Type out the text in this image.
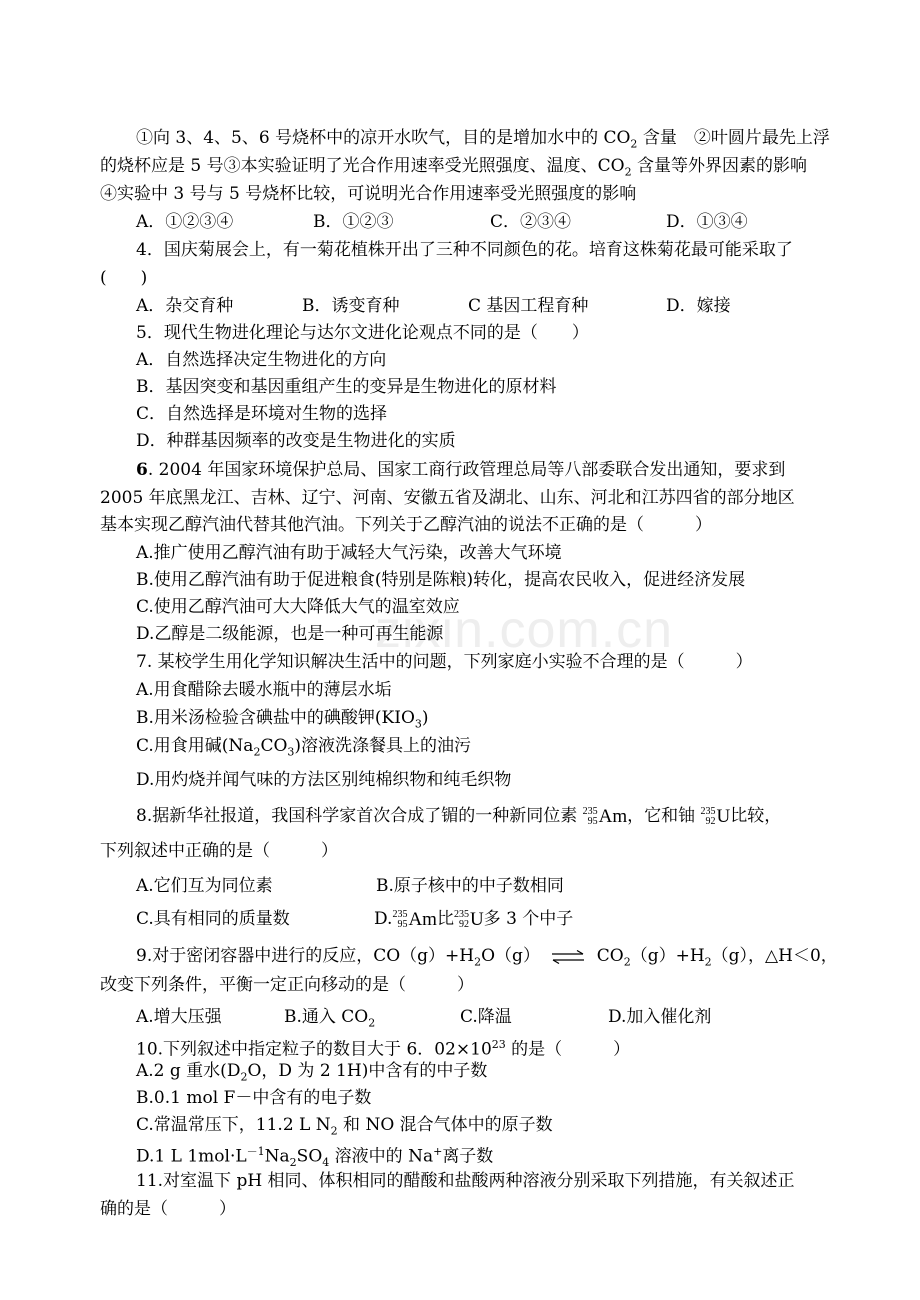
zixin.com.cn
①向 3、4、5、6 号烧杯中的凉开水吹气，目的是增加水中的 $CO_2$ 含量　②叶圆片最先上浮
的烧杯应是 5 号③本实验证明了光合作用速率受光照强度、温度、$CO_2$ 含量等外界因素的影响
④实验中 3 号与 5 号烧杯比较，可说明光合作用速率受光照强度的影响
A．①②③④	B．①②③	C．②③④	D．①③④
4．国庆菊展会上，有一菊花植株开出了三种不同颜色的花。培育这株菊花最可能采取了
(　　)
A．杂交育种	B．诱变育种	C 基因工程育种	D．嫁接
5．现代生物进化理论与达尔文进化论观点不同的是（　　）
A．自然选择决定生物进化的方向
B．基因突变和基因重组产生的变异是生物进化的原材料
C．自然选择是环境对生物的选择
D．种群基因频率的改变是生物进化的实质
6. 2004 年国家环境保护总局、国家工商行政管理总局等八部委联合发出通知，要求到
2005 年底黑龙江、吉林、辽宁、河南、安徽五省及湖北、山东、河北和江苏四省的部分地区
基本实现乙醇汽油代替其他汽油。下列关于乙醇汽油的说法不正确的是（　　　）
A.推广使用乙醇汽油有助于减轻大气污染，改善大气环境
B.使用乙醇汽油有助于促进粮食(特别是陈粮)转化，提高农民收入，促进经济发展
C.使用乙醇汽油可大大降低大气的温室效应
D.乙醇是二级能源，也是一种可再生能源
7. 某校学生用化学知识解决生活中的问题，下列家庭小实验不合理的是（　　　）
A.用食醋除去暖水瓶中的薄层水垢
B.用米汤检验含碘盐中的碘酸钾$(KIO_3)$
C.用食用碱$(Na_2CO_3)$溶液洗涤餐具上的油污
D.用灼烧并闻气味的方法区别纯棉织物和纯毛织物
8.据新华社报道，我国科学家首次合成了镅的一种新同位素 235
95 Am ，它和铀 235
92 U 比较，
下列叙述中正确的是（　　　）
A.它们互为同位素	B.原子核中的中子数相同
C.具有相同的质量数	D. 235
95 Am 比 235
92 U 多 3 个中子
9.对于密闭容器中进行的反应，$CO(g)+H_2O(g)$ ⇌ $CO_2(g)+H_2(g)$，△H＜0，
改变下列条件，平衡一定正向移动的是（　　　）
A.增大压强	B.通入 $CO_2$	C.降温	D.加入催化剂
10.下列叙述中指定粒子的数目大于 6．$02\times 10^{23}$ 的是（　　　）
A.2 g 重水($D_2O$，D 为 2 1H)中含有的中子数
B.0.1 mol F－中含有的电子数
C.常温常压下，11.2 L $N_2$ 和 NO 混合气体中的原子数
D.1 L $1mol\cdot L^{-1}Na_2SO_4$ 溶液中的 Na+离子数
11.对室温下 pH 相同、体积相同的醋酸和盐酸两种溶液分别采取下列措施，有关叙述正
确的是（　　　）
